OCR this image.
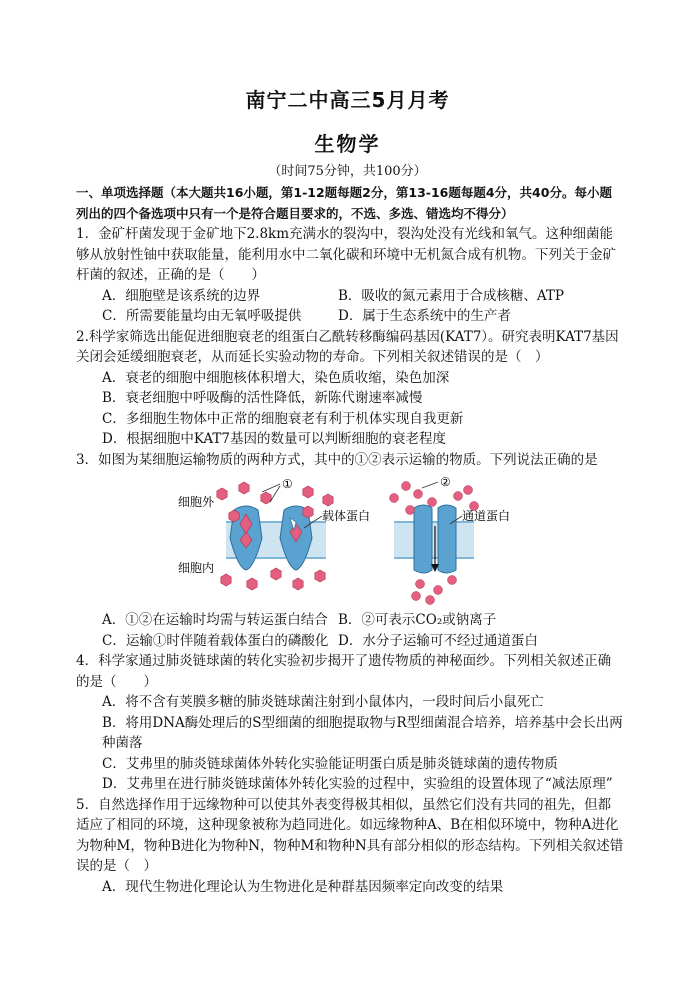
南宁二中高三5月月考
生物学
（时间75分钟，共100分）

一、单项选择题（本大题共16小题，第1-12题每题2分，第13-16题每题4分，共40分。每小题列出的四个备选项中只有一个是符合题目要求的，不选、多选、错选均不得分）

1．金矿杆菌发现于金矿地下2.8km充满水的裂沟中，裂沟处没有光线和氧气。这种细菌能够从放射性铀中获取能量，能利用水中二氧化碳和环境中无机氮合成有机物。下列关于金矿杆菌的叙述，正确的是（　　）

A．细胞壁是该系统的边界	B．吸收的氮元素用于合成核糖、ATP
C．所需要能量均由无氧呼吸提供	D．属于生态系统中的生产者

2.科学家筛选出能促进细胞衰老的组蛋白乙酰转移酶编码基因(KAT7）。研究表明KAT7基因关闭会延缓细胞衰老，从而延长实验动物的寿命。下列相关叙述错误的是（　）

A．衰老的细胞中细胞核体积增大，染色质收缩，染色加深

B．衰老细胞中呼吸酶的活性降低，新陈代谢速率减慢

C．多细胞生物体中正常的细胞衰老有利于机体实现自我更新

D．根据细胞中KAT7基因的数量可以判断细胞的衰老程度

3．如图为某细胞运输物质的两种方式，其中的①②表示运输的物质。下列说法正确的是

①
细胞外
细胞内
载体蛋白
②
通道蛋白
A．①②在运输时均需与转运蛋白结合 B．②可表示CO₂或钠离子
C．运输①时伴随着载体蛋白的磷酸化 D．水分子运输可不经过通道蛋白

4．科学家通过肺炎链球菌的转化实验初步揭开了遗传物质的神秘面纱。下列相关叙述正确的是（　　）

A．将不含有荚膜多糖的肺炎链球菌注射到小鼠体内，一段时间后小鼠死亡

B．将用DNA酶处理后的S型细菌的细胞提取物与R型细菌混合培养，培养基中会长出两种菌落

C．艾弗里的肺炎链球菌体外转化实验能证明蛋白质是肺炎链球菌的遗传物质

D．艾弗里在进行肺炎链球菌体外转化实验的过程中，实验组的设置体现了“减法原理”

5．自然选择作用于远缘物种可以使其外表变得极其相似，虽然它们没有共同的祖先，但都适应了相同的环境，这种现象被称为趋同进化。如远缘物种A、B在相似环境中，物种A进化为物种M，物种B进化为物种N，物种M和物种N具有部分相似的形态结构。下列相关叙述错误的是（　）

A．现代生物进化理论认为生物进化是种群基因频率定向改变的结果
